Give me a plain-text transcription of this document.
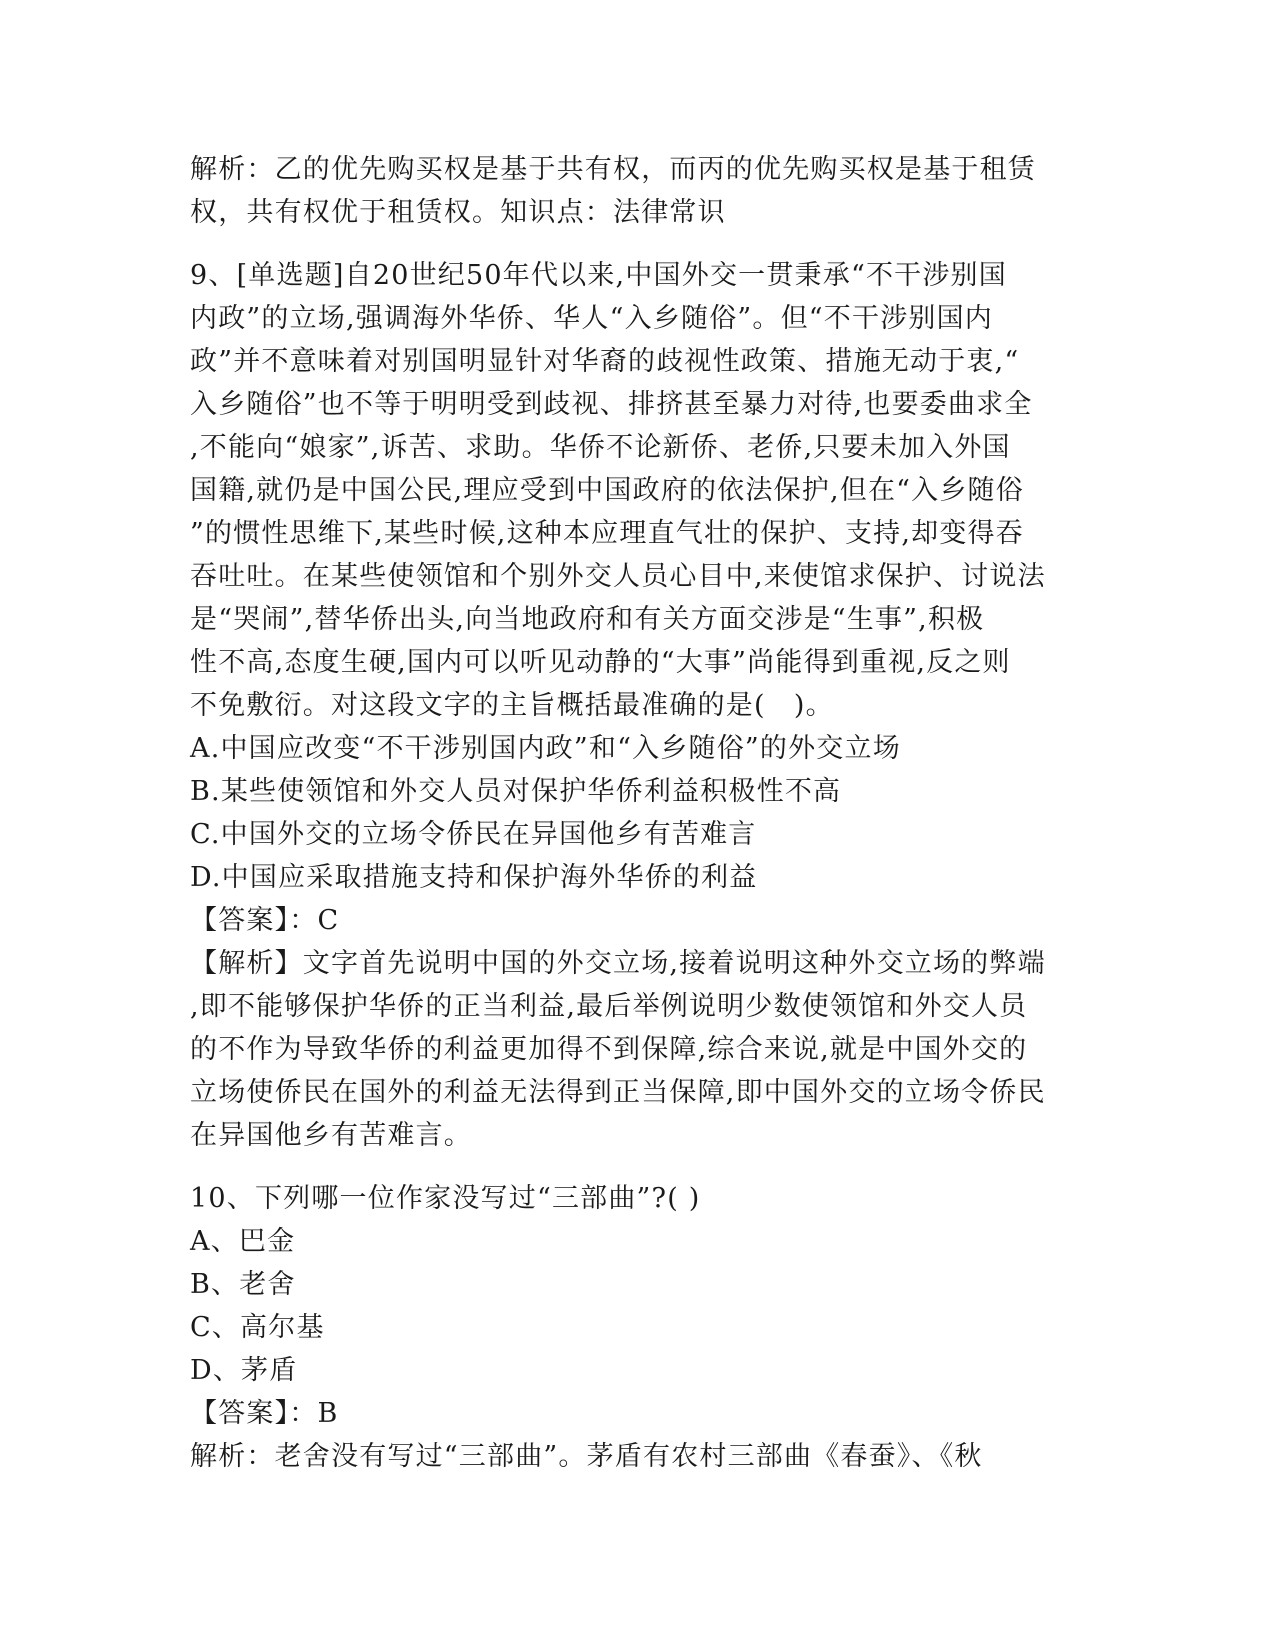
解析：乙的优先购买权是基于共有权，而丙的优先购买权是基于租赁
权，共有权优于租赁权。知识点：法律常识
9、[单选题]自20世纪50年代以来,中国外交一贯秉承“不干涉别国
内政”的立场,强调海外华侨、华人“入乡随俗”。但“不干涉别国内
政”并不意味着对别国明显针对华裔的歧视性政策、措施无动于衷,“
入乡随俗”也不等于明明受到歧视、排挤甚至暴力对待,也要委曲求全
,不能向“娘家”,诉苦、求助。华侨不论新侨、老侨,只要未加入外国
国籍,就仍是中国公民,理应受到中国政府的依法保护,但在“入乡随俗
”的惯性思维下,某些时候,这种本应理直气壮的保护、支持,却变得吞
吞吐吐。在某些使领馆和个别外交人员心目中,来使馆求保护、讨说法
是“哭闹”,替华侨出头,向当地政府和有关方面交涉是“生事”,积极
性不高,态度生硬,国内可以听见动静的“大事”尚能得到重视,反之则
不免敷衍。对这段文字的主旨概括最准确的是(　)。
A.中国应改变“不干涉别国内政”和“入乡随俗”的外交立场
B.某些使领馆和外交人员对保护华侨利益积极性不高
C.中国外交的立场令侨民在异国他乡有苦难言
D.中国应采取措施支持和保护海外华侨的利益
【答案】：C
【解析】文字首先说明中国的外交立场,接着说明这种外交立场的弊端
,即不能够保护华侨的正当利益,最后举例说明少数使领馆和外交人员
的不作为导致华侨的利益更加得不到保障,综合来说,就是中国外交的
立场使侨民在国外的利益无法得到正当保障,即中国外交的立场令侨民
在异国他乡有苦难言。
10、下列哪一位作家没写过“三部曲”?( )
A、巴金
B、老舍
C、高尔基
D、茅盾
【答案】：B
解析：老舍没有写过“三部曲”。茅盾有农村三部曲《春蚕》、《秋
